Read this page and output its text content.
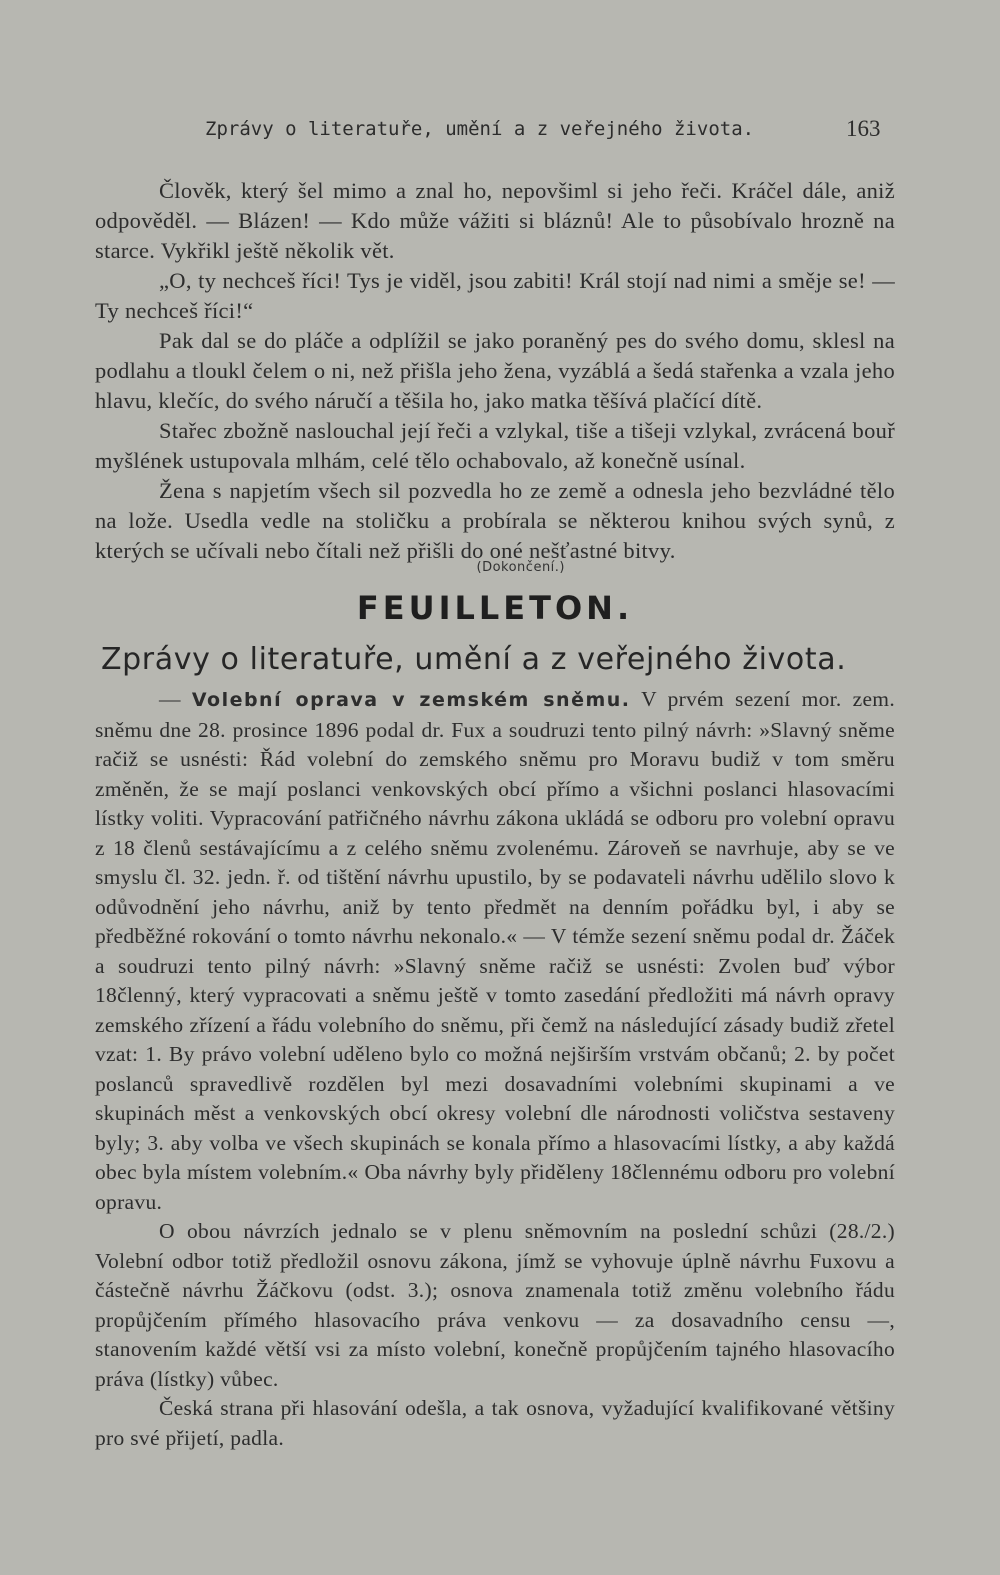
Zprávy o literatuře, umění a z veřejného života.	163

Člověk, který šel mimo a znal ho, nepovšiml si jeho řeči. Kráčel dále, aniž odpověděl. — Blázen! — Kdo může vážiti si bláznů! Ale to působívalo hrozně na starce. Vykřikl ještě několik vět.

„O, ty nechceš říci! Tys je viděl, jsou zabiti! Král stojí nad nimi a směje se! — Ty nechceš říci!“

Pak dal se do pláče a odplížil se jako poraněný pes do svého domu, sklesl na podlahu a tloukl čelem o ni, než přišla jeho žena, vyzáblá a šedá stařenka a vzala jeho hlavu, klečíc, do svého náručí a těšila ho, jako matka těšívá plačící dítě.

Stařec zbožně naslouchal její řeči a vzlykal, tiše a tišeji vzlykal, zvrácená bouř myšlének ustupovala mlhám, celé tělo ochabovalo, až konečně usínal.

Žena s napjetím všech sil pozvedla ho ze země a odnesla jeho bezvládné tělo na lože. Usedla vedle na stoličku a probírala se některou knihou svých synů, z kterých se učívali nebo čítali než přišli do oné nešťastné bitvy.

(Dokončení.)
FEUILLETON.
Zprávy o literatuře, umění a z veřejného života.

— Volební oprava v zemském sněmu. V prvém sezení mor. zem. sněmu dne 28. prosince 1896 podal dr. Fux a soudruzi tento pilný návrh: »Slavný sněme račiž se usnésti: Řád volební do zemského sněmu pro Moravu budiž v tom směru změněn, že se mají poslanci venkovských obcí přímo a všichni poslanci hlasovacími lístky voliti. Vypracování patřičného návrhu zákona ukládá se odboru pro volební opravu z 18 členů sestávajícímu a z celého sněmu zvolenému. Zároveň se navrhuje, aby se ve smyslu čl. 32. jedn. ř. od tištění návrhu upustilo, by se podavateli návrhu udělilo slovo k odůvodnění jeho návrhu, aniž by tento předmět na denním pořádku byl, i aby se předběžné rokování o tomto návrhu nekonalo.« — V témže sezení sněmu podal dr. Žáček a soudruzi tento pilný návrh: »Slavný sněme račiž se usnésti: Zvolen buď výbor 18členný, který vypracovati a sněmu ještě v tomto zasedání předložiti má návrh opravy zemského zřízení a řádu volebního do sněmu, při čemž na následující zásady budiž zřetel vzat: 1. By právo volební uděleno bylo co možná nejširším vrstvám občanů; 2. by počet poslanců spravedlivě rozdělen byl mezi dosavadními volebními skupinami a ve skupinách měst a venkovských obcí okresy volební dle národnosti voličstva sestaveny byly; 3. aby volba ve všech skupinách se konala přímo a hlasovacími lístky, a aby každá obec byla místem volebním.« Oba návrhy byly přiděleny 18člennému odboru pro volební opravu.

O obou návrzích jednalo se v plenu sněmovním na poslední schůzi (28./2.) Volební odbor totiž předložil osnovu zákona, jímž se vyhovuje úplně návrhu Fuxovu a částečně návrhu Žáčkovu (odst. 3.); osnova znamenala totiž změnu volebního řádu propůjčením přímého hlasovacího práva venkovu — za dosavadního censu —, stanovením každé větší vsi za místo volební, konečně propůjčením tajného hlasovacího práva (lístky) vůbec.

Česká strana při hlasování odešla, a tak osnova, vyžadující kvalifikované většiny pro své přijetí, padla.
